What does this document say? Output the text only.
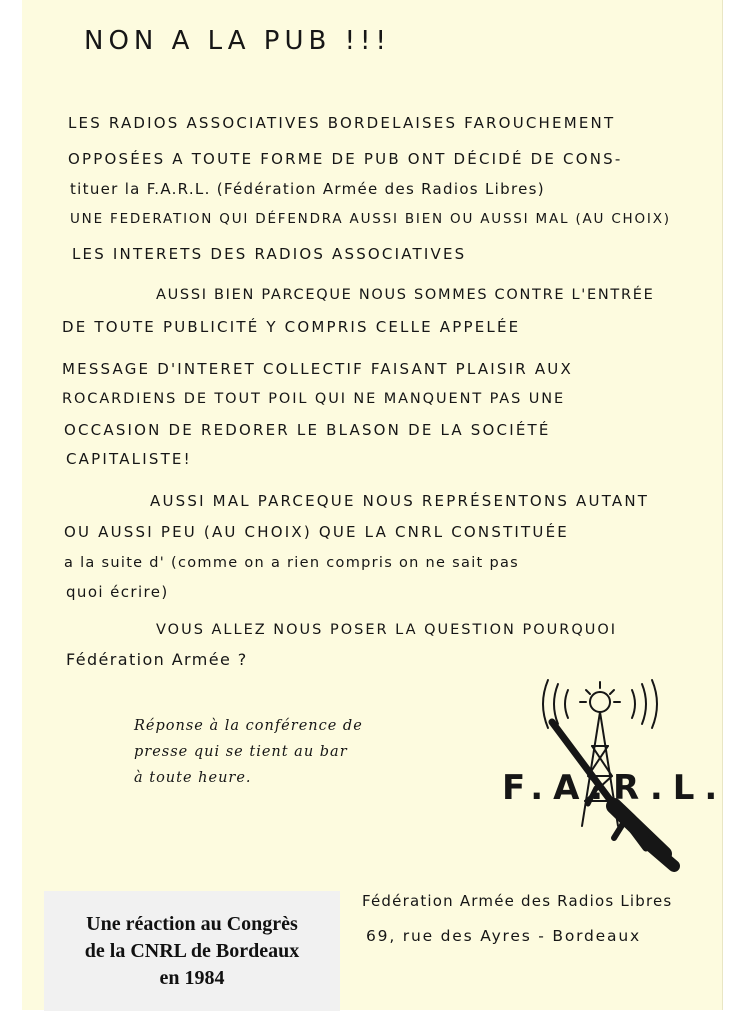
NON A LA PUB !!!
LES RADIOS ASSOCIATIVES BORDELAISES FAROUCHEMENT
OPPOSÉES A TOUTE FORME DE PUB ONT DÉCIDÉ DE CONS-
tituer la F.A.R.L. (Fédération Armée des Radios Libres)
UNE FEDERATION QUI DÉFENDRA AUSSI BIEN OU AUSSI MAL (AU CHOIX)
LES INTERETS DES RADIOS ASSOCIATIVES
AUSSI BIEN PARCEQUE NOUS SOMMES CONTRE L'ENTRÉE
DE TOUTE PUBLICITÉ Y COMPRIS CELLE APPELÉE
MESSAGE D'INTERET COLLECTIF FAISANT PLAISIR AUX
ROCARDIENS DE TOUT POIL QUI NE MANQUENT PAS UNE
OCCASION DE REDORER LE BLASON DE LA SOCIÉTÉ
CAPITALISTE!
AUSSI MAL PARCEQUE NOUS REPRÉSENTONS AUTANT
OU AUSSI PEU (AU CHOIX) QUE LA CNRL CONSTITUÉE
a la suite d' (comme on a rien compris on ne sait pas
quoi écrire)
VOUS ALLEZ NOUS POSER LA QUESTION POURQUOI
Fédération Armée ?
Réponse à la conférence de
presse qui se tient au bar
à toute heure.	F.A.R.L.
Fédération Armée des Radios Libres
69, rue des Ayres - Bordeaux
Une réaction au Congrès
de la CNRL de Bordeaux
en 1984
